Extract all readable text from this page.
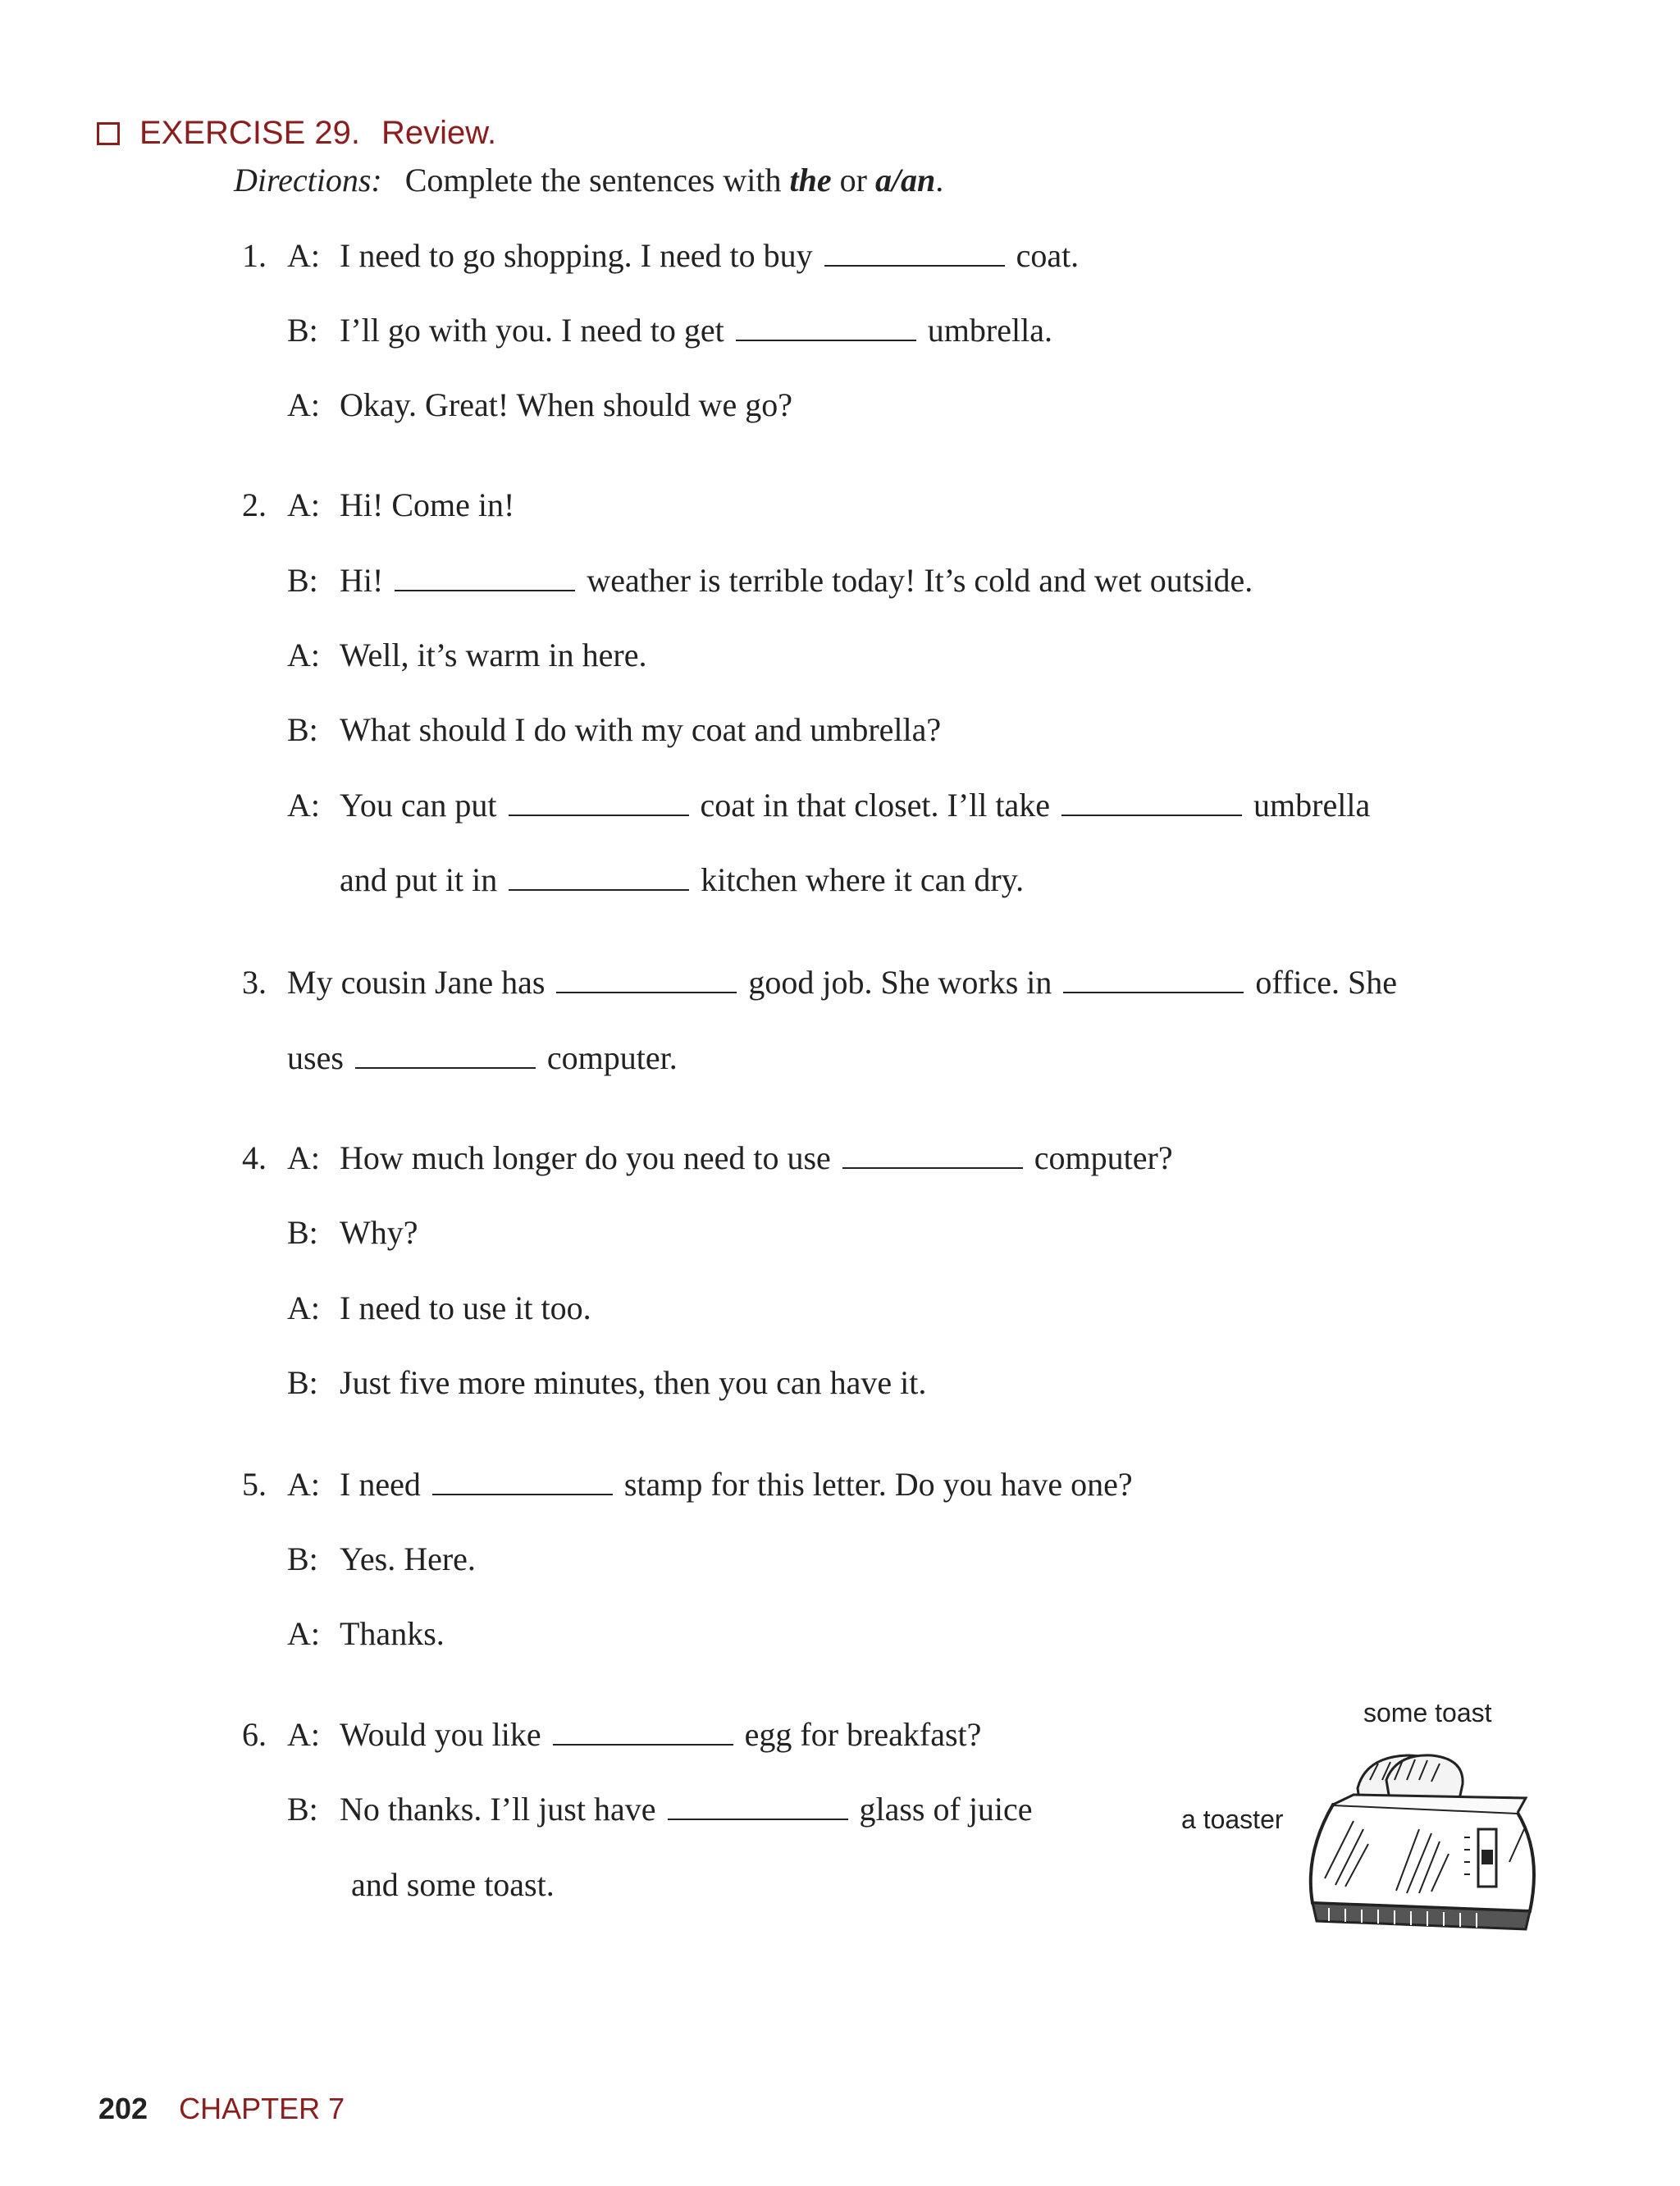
EXERCISE 29. Review.
Directions: Complete the sentences with the or a/an.
1. A: I need to go shopping. I need to buy	coat.
B: I’ll go with you. I need to get	umbrella.
A: Okay. Great! When should we go?
2. A: Hi! Come in!
B: Hi!	weather is terrible today! It’s cold and wet outside.
A: Well, it’s warm in here.
B: What should I do with my coat and umbrella?
A: You can put	coat in that closet. I’ll take	umbrella
and put it in	kitchen where it can dry.
3. My cousin Jane has	good job. She works in	office. She
uses	computer.
4. A: How much longer do you need to use	computer?
B: Why?
A: I need to use it too.
B: Just five more minutes, then you can have it.
5. A: I need	stamp for this letter. Do you have one?
B: Yes. Here.
A: Thanks.
6. A: Would you like	egg for breakfast?
B: No thanks. I’ll just have	glass of juice
and some toast.
some toast
a toaster
202 CHAPTER 7
